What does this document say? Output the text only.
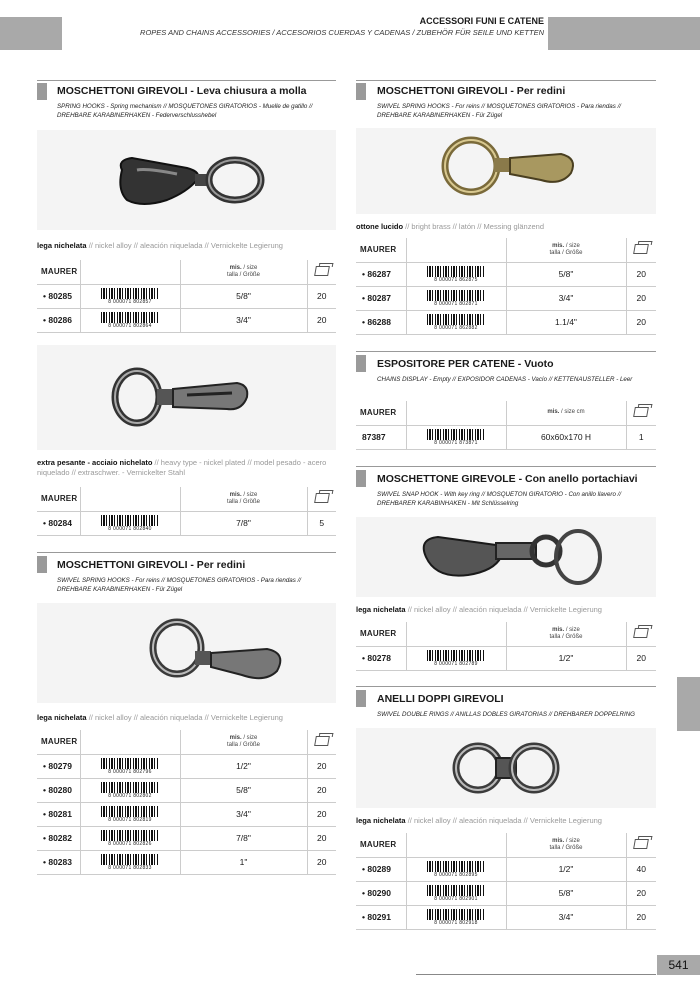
ACCESSORI FUNI E CATENE
ROPES AND CHAINS ACCESSORIES / ACCESORIOS CUERDAS Y CADENAS / ZUBEHÖR FÜR SEILE UND KETTEN
541
MOSCHETTONI GIREVOLI - Leva chiusura a molla
SPRING HOOKS - Spring mechanism // MOSQUETONES GIRATORIOS - Muelle de gatillo // DREHBARE KARABINERHAKEN - Federverschlusshebel
lega nichelata // nickel alloy // aleación niquelada // Vernickelte Legierung
MAURER		mis. / size
talla / Größe	
• 80285	8 000071 802857	5/8"	20
• 80286	8 000071 802864	3/4"	20
extra pesante - acciaio nichelato // heavy type - nickel plated // model pesado - acero niquelado // extraschwer. - Vernickelter Stahl
MAURER		mis. / size
talla / Größe	
• 80284	8 000071 802840	7/8"	5
MOSCHETTONI GIREVOLI - Per redini
SWIVEL SPRING HOOKS - For reins // MOSQUETONES GIRATORIOS - Para riendas // DREHBARE KARABINERHAKEN - Für Zügel
lega nichelata // nickel alloy // aleación niquelada // Vernickelte Legierung
MAURER		mis. / size
talla / Größe	
• 80279	8 000071 802796	1/2"	20
• 80280	8 000071 802802	5/8"	20
• 80281	8 000071 802819	3/4"	20
• 80282	8 000071 802826	7/8"	20
• 80283	8 000071 802833	1"	20
MOSCHETTONI GIREVOLI - Per redini
SWIVEL SPRING HOOKS - For reins // MOSQUETONES GIRATORIOS - Para riendas // DREHBARE KARABINERHAKEN - Für Zügel
ottone lucido // bright brass // latón // Messing glänzend
MAURER		mis. / size
talla / Größe	
• 86287	8 000071 862875	5/8"	20
• 80287	8 000071 802871	3/4"	20
• 86288	8 000071 862882	1.1/4"	20
ESPOSITORE PER CATENE - Vuoto
CHAINS DISPLAY - Empty // EXPOSIDOR CADENAS - Vacío // KETTENAUSTELLER - Leer
MAURER		mis. / size cm	
87387	8 000071 873871	60x60x170 H	1
MOSCHETTONE GIREVOLE - Con anello portachiavi
SWIVEL SNAP HOOK - With key ring // MOSQUETON GIRATORIO - Con anillo llavero // DREHBARER KARABINHAKEN - Mit Schlüsselring
lega nichelata // nickel alloy // aleación niquelada // Vernickelte Legierung
MAURER		mis. / size
talla / Größe	
• 80278	8 000071 802789	1/2"	20
ANELLI DOPPI GIREVOLI
SWIVEL DOUBLE RINGS // ANILLAS DOBLES GIRATORIAS // DREHBARER DOPPELRING
lega nichelata // nickel alloy // aleación niquelada // Vernickelte Legierung
MAURER		mis. / size
talla / Größe	
• 80289	8 000071 802895	1/2"	40
• 80290	8 000071 802901	5/8"	20
• 80291	8 000071 802918	3/4"	20
